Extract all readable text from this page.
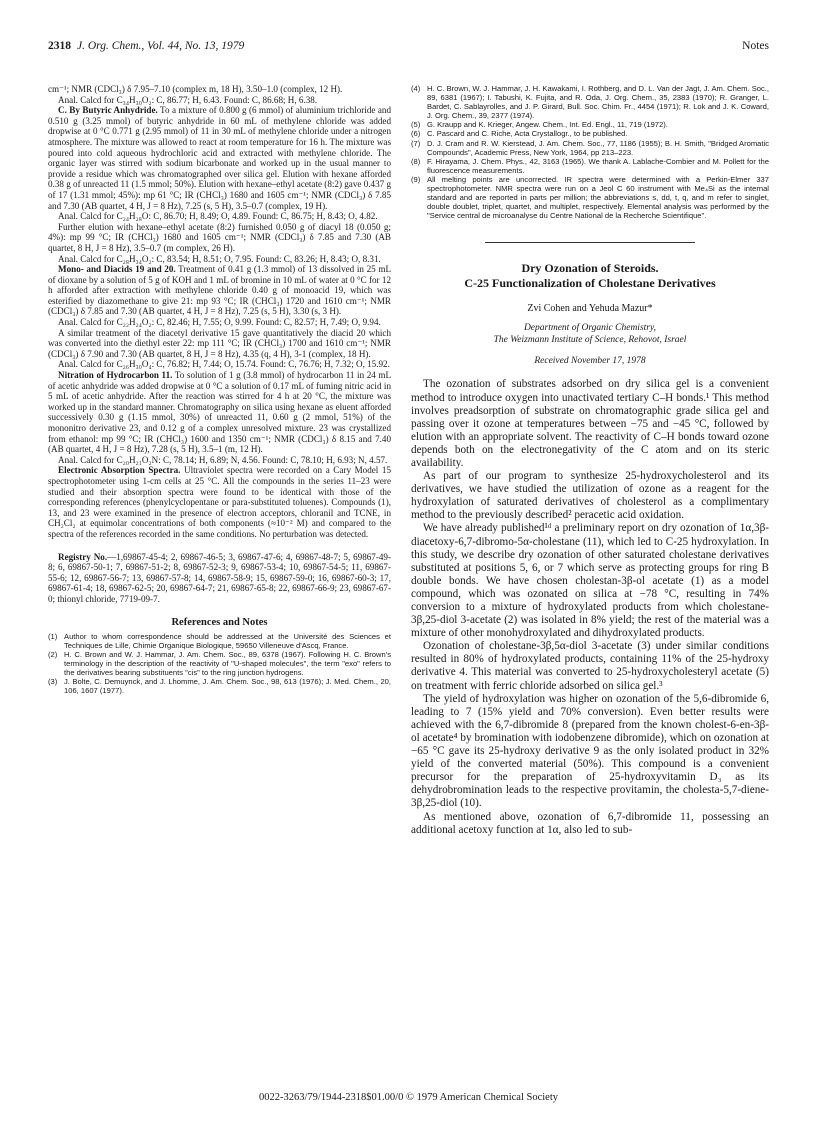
2318 J. Org. Chem., Vol. 44, No. 13, 1979	Notes

cm⁻¹; NMR (CDCl₃) δ 7.95–7.10 (complex m, 18 H), 3.50–1.0 (complex, 12 H).

Anal. Calcd for C₃₄H₃₀O₂: C, 86.77; H, 6.43. Found: C, 86.68; H, 6.38.

C. By Butyric Anhydride. To a mixture of 0.800 g (6 mmol) of aluminium trichloride and 0.510 g (3.25 mmol) of butyric anhydride in 60 mL of methylene chloride was added dropwise at 0 °C 0.771 g (2.95 mmol) of 11 in 30 mL of methylene chloride under a nitrogen atmosphere. The mixture was allowed to react at room temperature for 16 h. The mixture was poured into cold aqueous hydrochloric acid and extracted with methylene chloride. The organic layer was stirred with sodium bicarbonate and worked up in the usual manner to provide a residue which was chromatographed over silica gel. Elution with hexane afforded 0.38 g of unreacted 11 (1.5 mmol; 50%). Elution with hexane–ethyl acetate (8:2) gave 0.437 g of 17 (1.31 mmol; 45%): mp 61 °C; IR (CHCl₃) 1680 and 1605 cm⁻¹; NMR (CDCl₃) δ 7.85 and 7.30 (AB quartet, 4 H, J = 8 Hz), 7.25 (s, 5 H), 3.5–0.7 (complex, 19 H).

Anal. Calcd for C₂₄H₂₈O: C, 86.70; H, 8.49; O, 4.89. Found: C, 86.75; H, 8.43; O, 4.82.

Further elution with hexane–ethyl acetate (8:2) furnished 0.050 g of diacyl 18 (0.050 g; 4%): mp 99 °C; IR (CHCl₃) 1680 and 1605 cm⁻¹; NMR (CDCl₃) δ 7.85 and 7.30 (AB quartet, 8 H, J = 8 Hz), 3.5–0.7 (m complex, 26 H).

Anal. Calcd for C₂₈H₃₄O₂: C, 83.54; H, 8.51; O, 7.95. Found: C, 83.26; H, 8.43; O, 8.31.

Mono- and Diacids 19 and 20. Treatment of 0.41 g (1.3 mmol) of 13 dissolved in 25 mL of dioxane by a solution of 5 g of KOH and 1 mL of bromine in 10 mL of water at 0 °C for 12 h afforded after extraction with methylene chloride 0.40 g of monoacid 19, which was esterified by diazomethane to give 21: mp 93 °C; IR (CHCl₃) 1720 and 1610 cm⁻¹; NMR (CDCl₃) δ 7.85 and 7.30 (AB quartet, 4 H, J = 8 Hz), 7.25 (s, 5 H), 3.30 (s, 3 H).

Anal. Calcd for C₂₂H₂₄O₂: C, 82.46; H, 7.55; O, 9.99. Found: C, 82.57; H, 7.49; O, 9.94.

A similar treatment of the diacetyl derivative 15 gave quantitatively the diacid 20 which was converted into the diethyl ester 22: mp 111 °C; IR (CHCl₃) 1700 and 1610 cm⁻¹; NMR (CDCl₃) δ 7.90 and 7.30 (AB quartet, 8 H, J = 8 Hz), 4.35 (q, 4 H), 3-1 (complex, 18 H).

Anal. Calcd for C₂₆H₃₀O₄: C, 76.82; H, 7.44; O, 15.74. Found: C, 76.76; H, 7.32; O, 15.92.

Nitration of Hydrocarbon 11. To solution of 1 g (3.8 mmol) of hydrocarbon 11 in 24 mL of acetic anhydride was added dropwise at 0 °C a solution of 0.17 mL of fuming nitric acid in 5 mL of acetic anhydride. After the reaction was stirred for 4 h at 20 °C, the mixture was worked up in the standard manner. Chromatography on silica using hexane as eluent afforded successively 0.30 g (1.15 mmol, 30%) of unreacted 11, 0.60 g (2 mmol, 51%) of the mononitro derivative 23, and 0.12 g of a complex unresolved mixture. 23 was crystallized from ethanol: mp 99 °C; IR (CHCl₃) 1600 and 1350 cm⁻¹; NMR (CDCl₃) δ 8.15 and 7.40 (AB quartet, 4 H, J = 8 Hz), 7.28 (s, 5 H), 3.5–1 (m, 12 H).

Anal. Calcd for C₂₀H₂₁O₂N: C, 78.14; H, 6.89; N, 4.56. Found: C, 78.10; H, 6.93; N, 4.57.

Electronic Absorption Spectra. Ultraviolet spectra were recorded on a Cary Model 15 spectrophotometer using 1-cm cells at 25 °C. All the compounds in the series 11–23 were studied and their absorption spectra were found to be identical with those of the corresponding references (phenylcyclopentane or para-substituted toluenes). Compounds (1), 13, and 23 were examined in the presence of electron acceptors, chloranil and TCNE, in CH₂Cl₂ at equimolar concentrations of both components (≈10⁻² M) and compared to the spectra of the references recorded in the same conditions. No perturbation was detected.

Registry No.—1,69867-45-4; 2, 69867-46-5; 3, 69867-47-6; 4, 69867-48-7; 5, 69867-49-8; 6, 69867-50-1; 7, 69867-51-2; 8, 69867-52-3; 9, 69867-53-4; 10, 69867-54-5; 11, 69867-55-6; 12, 69867-56-7; 13, 69867-57-8; 14, 69867-58-9; 15, 69867-59-0; 16, 69867-60-3; 17, 69867-61-4; 18, 69867-62-5; 20, 69867-64-7; 21, 69867-65-8; 22, 69867-66-9; 23, 69867-67-0; thionyl chloride, 7719-09-7.

References and Notes
(1) Author to whom correspondence should be addressed at the Université des Sciences et Techniques de Lille, Chimie Organique Biologique, 59650 Villeneuve d'Ascq, France.
(2) H. C. Brown and W. J. Hammar, J. Am. Chem. Soc., 89, 6378 (1967). Following H. C. Brown's terminology in the description of the reactivity of "U-shaped molecules", the term "exo" refers to the derivatives bearing substituents "cis" to the ring junction hydrogens.
(3) J. Bolte, C. Demuynck, and J. Lhomme, J. Am. Chem. Soc., 98, 613 (1976); J. Med. Chem., 20, 106, 1607 (1977).
(4) H. C. Brown, W. J. Hammar, J. H. Kawakami, I. Rothberg, and D. L. Van der Jagt, J. Am. Chem. Soc., 89, 6381 (1967); I. Tabushi, K. Fujita, and R. Oda, J. Org. Chem., 35, 2383 (1970); R. Granger, L. Bardet, C. Sablayrolles, and J. P. Girard, Bull. Soc. Chim. Fr., 4454 (1971); R. Lok and J. K. Coward, J. Org. Chem., 39, 2377 (1974).
(5) G. Kraupp and K. Krieger, Angew. Chem., Int. Ed. Engl., 11, 719 (1972).
(6) C. Pascard and C. Riche, Acta Crystallogr., to be published.
(7) D. J. Cram and R. W. Kierstead, J. Am. Chem. Soc., 77, 1186 (1955); B. H. Smith, "Bridged Aromatic Compounds", Academic Press, New York, 1964, pp 213–223.
(8) F. Hirayama, J. Chem. Phys., 42, 3163 (1965). We thank A. Lablache-Combier and M. Pollett for the fluorescence measurements.
(9) All melting points are uncorrected. IR spectra were determined with a Perkin-Elmer 337 spectrophotometer. NMR spectra were run on a Jeol C 60 instrument with Me₄Si as the internal standard and are reported in parts per million; the abbreviations s, dd, t, q, and m refer to singlet, double doublet, triplet, quartet, and multiplet, respectively. Elemental analysis was performed by the "Service central de microanalyse du Centre National de la Recherche Scientifique".
Dry Ozonation of Steroids.
C-25 Functionalization of Cholestane Derivatives
Zvi Cohen and Yehuda Mazur*
Department of Organic Chemistry,
The Weizmann Institute of Science, Rehovot, Israel
Received November 17, 1978

The ozonation of substrates adsorbed on dry silica gel is a convenient method to introduce oxygen into unactivated tertiary C–H bonds.¹ This method involves preadsorption of substrate on chromatographic grade silica gel and passing over it ozone at temperatures between −75 and −45 °C, followed by elution with an appropriate solvent. The reactivity of C–H bonds toward ozone depends both on the electronegativity of the C atom and on its steric availability.

As part of our program to synthesize 25-hydroxycholesterol and its derivatives, we have studied the utilization of ozone as a reagent for the hydroxylation of saturated derivatives of cholesterol as a complimentary method to the previously described² peracetic acid oxidation.

We have already published¹ᵈ a preliminary report on dry ozonation of 1α,3β-diacetoxy-6,7-dibromo-5α-cholestane (11), which led to C-25 hydroxylation. In this study, we describe dry ozonation of other saturated cholestane derivatives substituted at positions 5, 6, or 7 which serve as protecting groups for ring B double bonds. We have chosen cholestan-3β-ol acetate (1) as a model compound, which was ozonated on silica at −78 °C, resulting in 74% conversion to a mixture of hydroxylated products from which cholestane-3β,25-diol 3-acetate (2) was isolated in 8% yield; the rest of the material was a mixture of other monohydroxylated and dihydroxylated products.

Ozonation of cholestane-3β,5α-diol 3-acetate (3) under similar conditions resulted in 80% of hydroxylated products, containing 11% of the 25-hydroxy derivative 4. This material was converted to 25-hydroxycholesteryl acetate (5) on treatment with ferric chloride adsorbed on silica gel.³

The yield of hydroxylation was higher on ozonation of the 5,6-dibromide 6, leading to 7 (15% yield and 70% conversion). Even better results were achieved with the 6,7-dibromide 8 (prepared from the known cholest-6-en-3β-ol acetate⁴ by bromination with iodobenzene dibromide), which on ozonation at −65 °C gave its 25-hydroxy derivative 9 as the only isolated product in 32% yield of the converted material (50%). This compound is a convenient precursor for the preparation of 25-hydroxyvitamin D₃ as its dehydrobromination leads to the respective provitamin, the cholesta-5,7-diene-3β,25-diol (10).

As mentioned above, ozonation of 6,7-dibromide 11, possessing an additional acetoxy function at 1α, also led to sub-

0022-3263/79/1944-2318$01.00/0 © 1979 American Chemical Society
